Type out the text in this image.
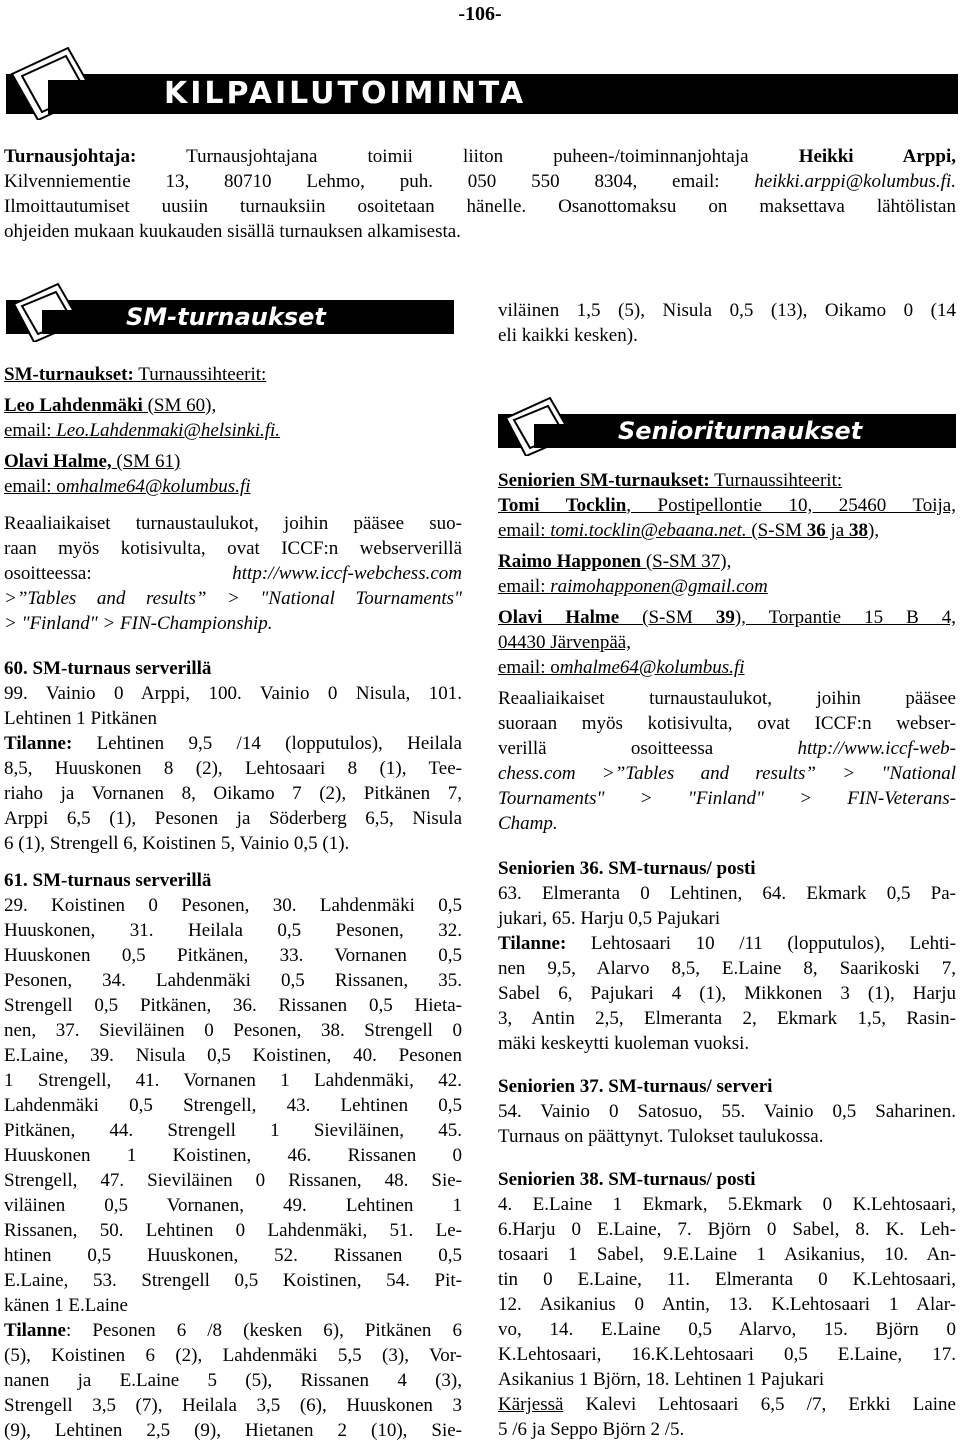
-106-
KILPAILUTOIMINTA
Turnausjohtaja: Turnausjohtajana toimii liiton puheen-/toiminnanjohtaja Heikki Arppi,
Kilvenniementie 13, 80710 Lehmo, puh. 050 550 8304, email: heikki.arppi@kolumbus.fi.
Ilmoittautumiset uusiin turnauksiin osoitetaan hänelle. Osanottomaksu on maksettava lähtölistan
ohjeiden mukaan kuukauden sisällä turnauksen alkamisesta.
SM-turnaukset

SM-turnaukset: Turnaussihteerit:

Leo Lahdenmäki (SM 60),

email: Leo.Lahdenmaki@helsinki.fi.

Olavi Halme, (SM 61)

email: omhalme64@kolumbus.fi

Reaaliaikaiset turnaustaulukot, joihin pääsee suo-
raan myös kotisivulta, ovat ICCF:n webserverillä
osoitteessa: http://www.iccf-webchess.com
>”Tables and results” > "National Tournaments"
> "Finland" > FIN-Championship.

60. SM-turnaus serverillä

99. Vainio 0 Arppi, 100. Vainio 0 Nisula, 101.
Lehtinen 1 Pitkänen
Tilanne: Lehtinen 9,5 /14 (lopputulos), Heilala
8,5, Huuskonen 8 (2), Lehtosaari 8 (1), Tee-
riaho ja Vornanen 8, Oikamo 7 (2), Pitkänen 7,
Arppi 6,5 (1), Pesonen ja Söderberg 6,5, Nisula
6 (1), Strengell 6, Koistinen 5, Vainio 0,5 (1).

61. SM-turnaus serverillä

29. Koistinen 0 Pesonen, 30. Lahdenmäki 0,5
Huuskonen, 31. Heilala 0,5 Pesonen, 32.
Huuskonen 0,5 Pitkänen, 33. Vornanen 0,5
Pesonen, 34. Lahdenmäki 0,5 Rissanen, 35.
Strengell 0,5 Pitkänen, 36. Rissanen 0,5 Hieta-
nen, 37. Sieviläinen 0 Pesonen, 38. Strengell 0
E.Laine, 39. Nisula 0,5 Koistinen, 40. Pesonen
1 Strengell, 41. Vornanen 1 Lahdenmäki, 42.
Lahdenmäki 0,5 Strengell, 43. Lehtinen 0,5
Pitkänen, 44. Strengell 1 Sieviläinen, 45.
Huuskonen 1 Koistinen, 46. Rissanen 0
Strengell, 47. Sieviläinen 0 Rissanen, 48. Sie-
viläinen 0,5 Vornanen, 49. Lehtinen 1
Rissanen, 50. Lehtinen 0 Lahdenmäki, 51. Le-
htinen 0,5 Huuskonen, 52. Rissanen 0,5
E.Laine, 53. Strengell 0,5 Koistinen, 54. Pit-
känen 1 E.Laine
Tilanne: Pesonen 6 /8 (kesken 6), Pitkänen 6
(5), Koistinen 6 (2), Lahdenmäki 5,5 (3), Vor-
nanen ja E.Laine 5 (5), Rissanen 4 (3),
Strengell 3,5 (7), Heilala 3,5 (6), Huuskonen 3
(9), Lehtinen 2,5 (9), Hietanen 2 (10), Sie-
viläinen 1,5 (5), Nisula 0,5 (13), Oikamo 0 (14
eli kaikki kesken).
Senioriturnaukset

Seniorien SM-turnaukset: Turnaussihteerit:

Tomi Tocklin, Postipellontie 10, 25460 Toija,

email: tomi.tocklin@ebaana.net. (S-SM 36 ja 38),

Raimo Happonen (S-SM 37),

email: raimohapponen@gmail.com

Olavi Halme (S-SM 39), Torpantie 15 B 4,

04430 Järvenpää,

email: omhalme64@kolumbus.fi

Reaaliaikaiset turnaustaulukot, joihin pääsee
suoraan myös kotisivulta, ovat ICCF:n webser-
verillä osoitteessa http://www.iccf-web-
chess.com >”Tables and results” > "National
Tournaments" > "Finland" > FIN-Veterans-
Champ.

Seniorien 36. SM-turnaus/ posti

63. Elmeranta 0 Lehtinen, 64. Ekmark 0,5 Pa-
jukari, 65. Harju 0,5 Pajukari
Tilanne: Lehtosaari 10 /11 (lopputulos), Lehti-
nen 9,5, Alarvo 8,5, E.Laine 8, Saarikoski 7,
Sabel 6, Pajukari 4 (1), Mikkonen 3 (1), Harju
3, Antin 2,5, Elmeranta 2, Ekmark 1,5, Rasin-
mäki keskeytti kuoleman vuoksi.

Seniorien 37. SM-turnaus/ serveri

54. Vainio 0 Satosuo, 55. Vainio 0,5 Saharinen.
Turnaus on päättynyt. Tulokset taulukossa.

Seniorien 38. SM-turnaus/ posti

4. E.Laine 1 Ekmark, 5.Ekmark 0 K.Lehtosaari,
6.Harju 0 E.Laine, 7. Björn 0 Sabel, 8. K. Leh-
tosaari 1 Sabel, 9.E.Laine 1 Asikanius, 10. An-
tin 0 E.Laine, 11. Elmeranta 0 K.Lehtosaari,
12. Asikanius 0 Antin, 13. K.Lehtosaari 1 Alar-
vo, 14. E.Laine 0,5 Alarvo, 15. Björn 0
K.Lehtosaari, 16.K.Lehtosaari 0,5 E.Laine, 17.
Asikanius 1 Björn, 18. Lehtinen 1 Pajukari
Kärjessä Kalevi Lehtosaari 6,5 /7, Erkki Laine
5 /6 ja Seppo Björn 2 /5.
